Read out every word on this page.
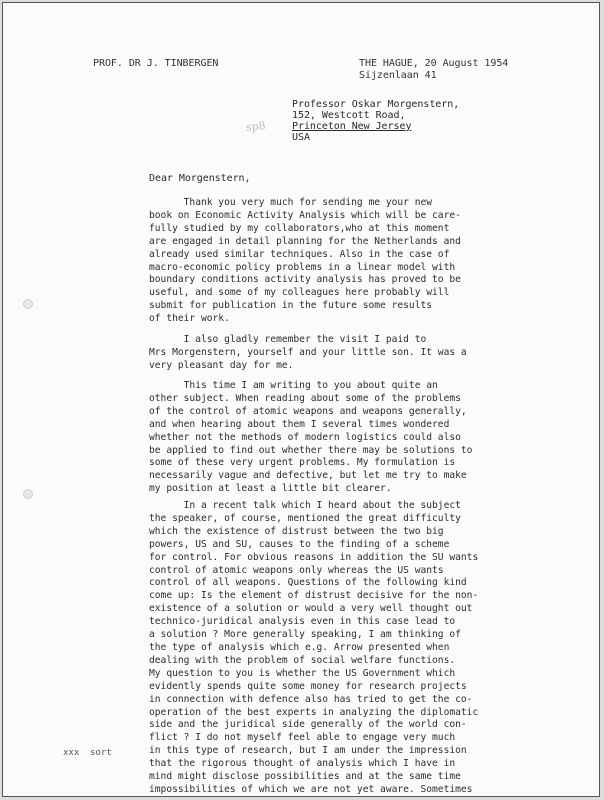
PROF. DR J. TINBERGEN	THE HAGUE, 20 August 1954
Sijzenlaan 41
Professor Oskar Morgenstern,
152, Westcott Road,
Princeton New Jersey
USA
sp8
Dear Morgenstern,
Thank you very much for sending me your new
book on Economic Activity Analysis which will be care-
fully studied by my collaborators,who at this moment
are engaged in detail planning for the Netherlands and
already used similar techniques. Also in the case of
macro-economic policy problems in a linear model with
boundary conditions activity analysis has proved to be
useful, and some of my colleagues here probably will
submit for publication in the future some results
of their work.
I also gladly remember the visit I paid to
Mrs Morgenstern, yourself and your little son. It was a
very pleasant day for me.
This time I am writing to you about quite an
other subject. When reading about some of the problems
of the control of atomic weapons and weapons generally,
and when hearing about them I several times wondered
whether not the methods of modern logistics could also
be applied to find out whether there may be solutions to
some of these very urgent problems. My formulation is
necessarily vague and defective, but let me try to make
my position at least a little bit clearer.
In a recent talk which I heard about the subject
the speaker, of course, mentioned the great difficulty
which the existence of distrust between the two big
powers, US and SU, causes to the finding of a scheme
for control. For obvious reasons in addition the SU wants
control of atomic weapons only whereas the US wants
control of all weapons. Questions of the following kind
come up: Is the element of distrust decisive for the non-
existence of a solution or would a very well thought out
technico-juridical analysis even in this case lead to
a solution ? More generally speaking, I am thinking of
the type of analysis which e.g. Arrow presented when
dealing with the problem of social welfare functions.
My question to you is whether the US Government which
evidently spends quite some money for research projects
in connection with defence also has tried to get the co-
operation of the best experts in analyzing the diplomatic
side and the juridical side generally of the world con-
flict ? I do not myself feel able to engage very much
in this type of research, but I am under the impression
that the rigorous thought of analysis which I have in
mind might disclose possibilities and at the same time
impossibilities of which we are not yet aware. Sometimes
xxx  sort
